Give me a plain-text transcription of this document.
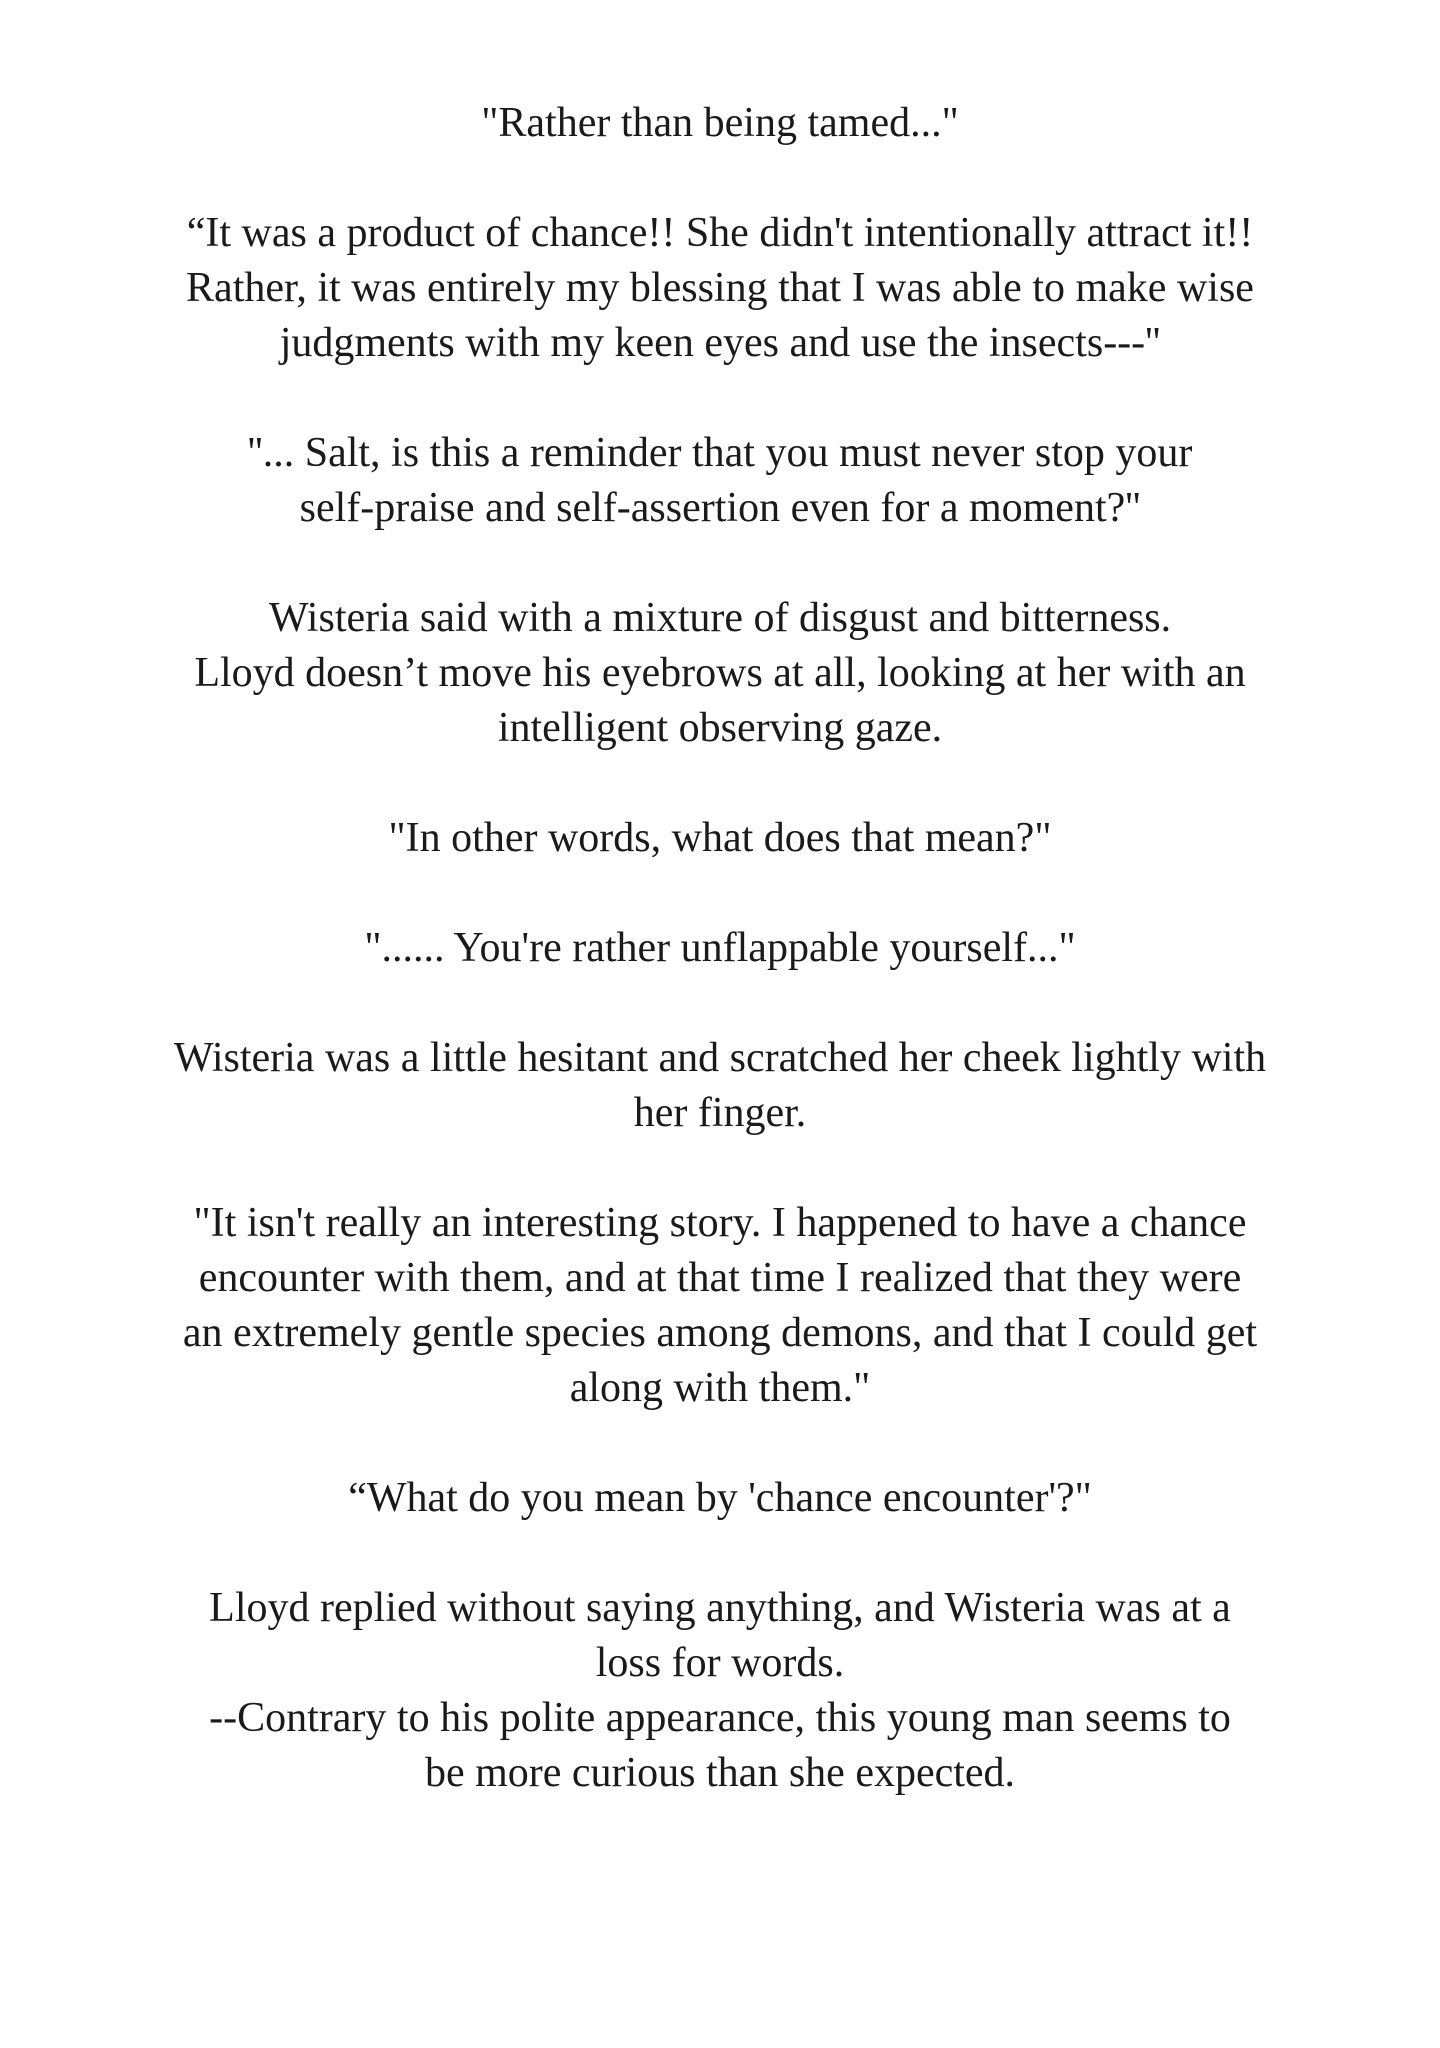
"Rather than being tamed..."

“It was a product of chance!! She didn't intentionally attract it!!
Rather, it was entirely my blessing that I was able to make wise
judgments with my keen eyes and use the insects---''

''... Salt, is this a reminder that you must never stop your
self-praise and self-assertion even for a moment?''

Wisteria said with a mixture of disgust and bitterness.
Lloyd doesn’t move his eyebrows at all, looking at her with an
intelligent observing gaze.

"In other words, what does that mean?"

"...... You're rather unflappable yourself..."

Wisteria was a little hesitant and scratched her cheek lightly with
her finger.

"It isn't really an interesting story. I happened to have a chance
encounter with them, and at that time I realized that they were
an extremely gentle species among demons, and that I could get
along with them."

“What do you mean by 'chance encounter'?"

Lloyd replied without saying anything, and Wisteria was at a
loss for words.
--Contrary to his polite appearance, this young man seems to
be more curious than she expected.
